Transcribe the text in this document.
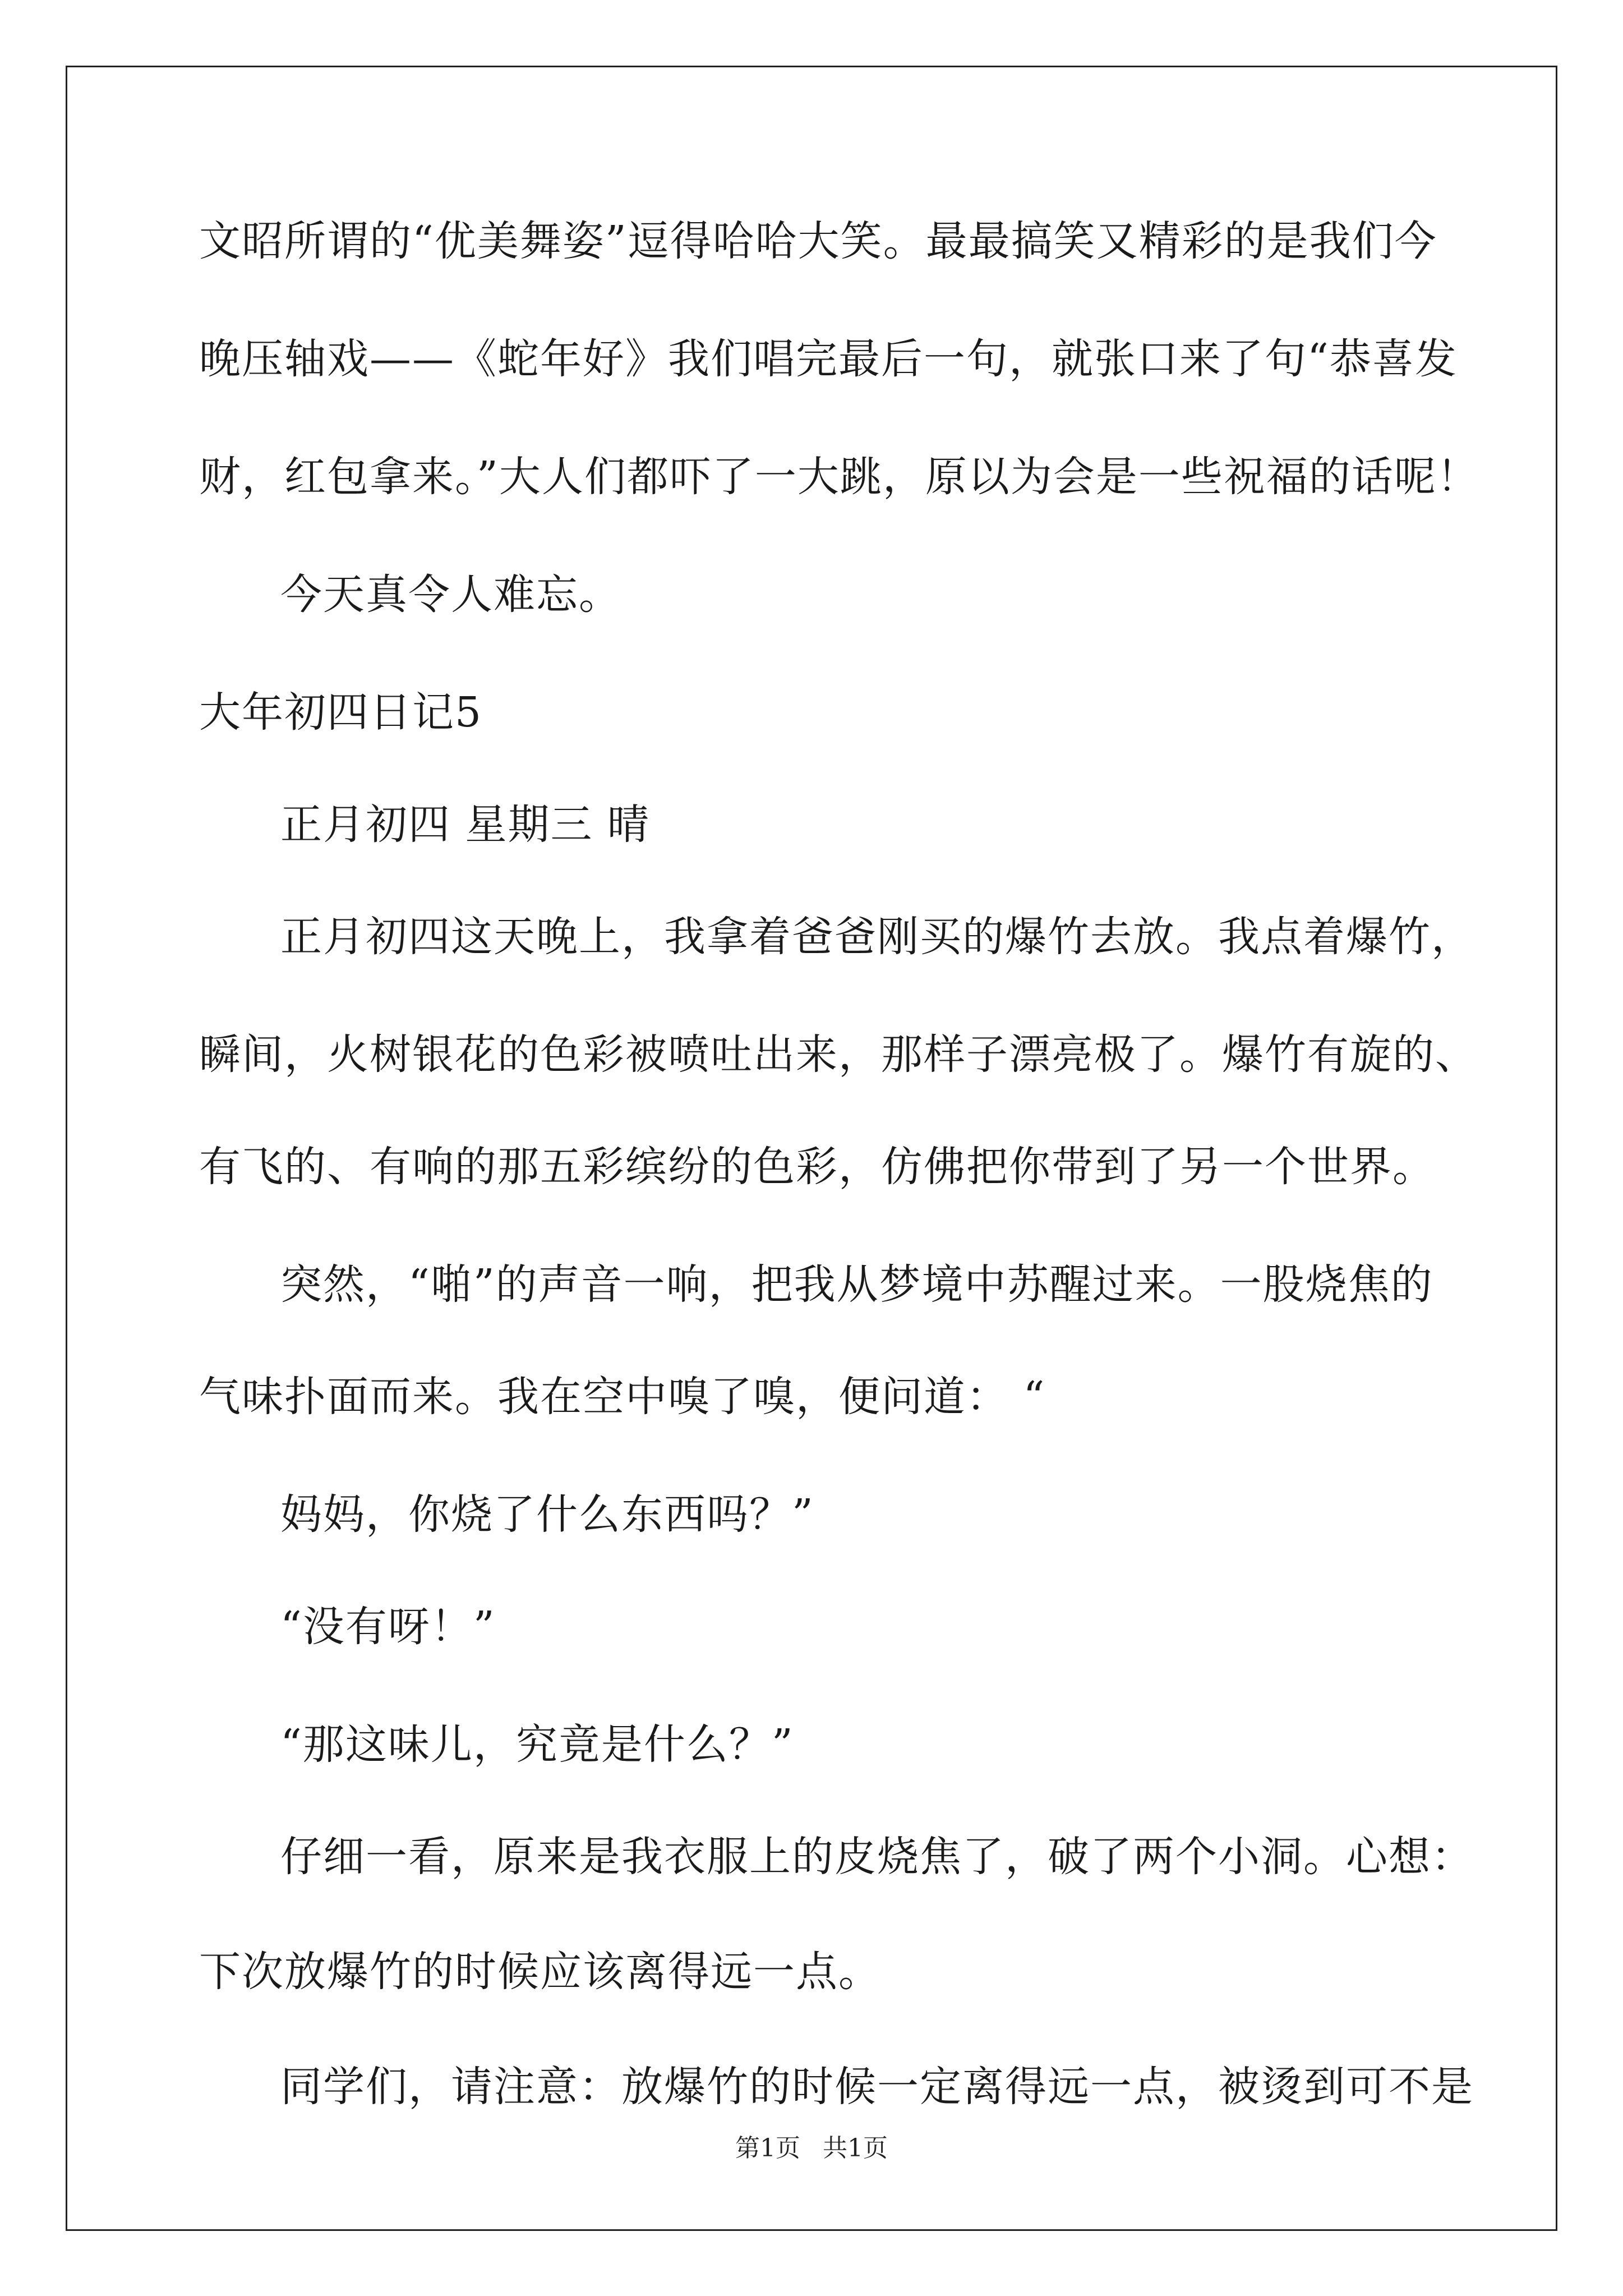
文昭所谓的“优美舞姿”逗得哈哈大笑。最最搞笑又精彩的是我们今
晚压轴戏——《蛇年好》我们唱完最后一句，就张口来了句“恭喜发
财，红包拿来。”大人们都吓了一大跳，原以为会是一些祝福的话呢！
今天真令人难忘。
大年初四日记5
正月初四 星期三 晴
正月初四这天晚上，我拿着爸爸刚买的爆竹去放。我点着爆竹，
瞬间，火树银花的色彩被喷吐出来，那样子漂亮极了。爆竹有旋的、
有飞的、有响的那五彩缤纷的色彩，仿佛把你带到了另一个世界。
突然，“啪”的声音一响，把我从梦境中苏醒过来。一股烧焦的
气味扑面而来。我在空中嗅了嗅，便问道： “
妈妈，你烧了什么东西吗？”
“没有呀！”
“那这味儿，究竟是什么？”
仔细一看，原来是我衣服上的皮烧焦了，破了两个小洞。心想：
下次放爆竹的时候应该离得远一点。
同学们，请注意：放爆竹的时候一定离得远一点，被烫到可不是
第1页 共1页
